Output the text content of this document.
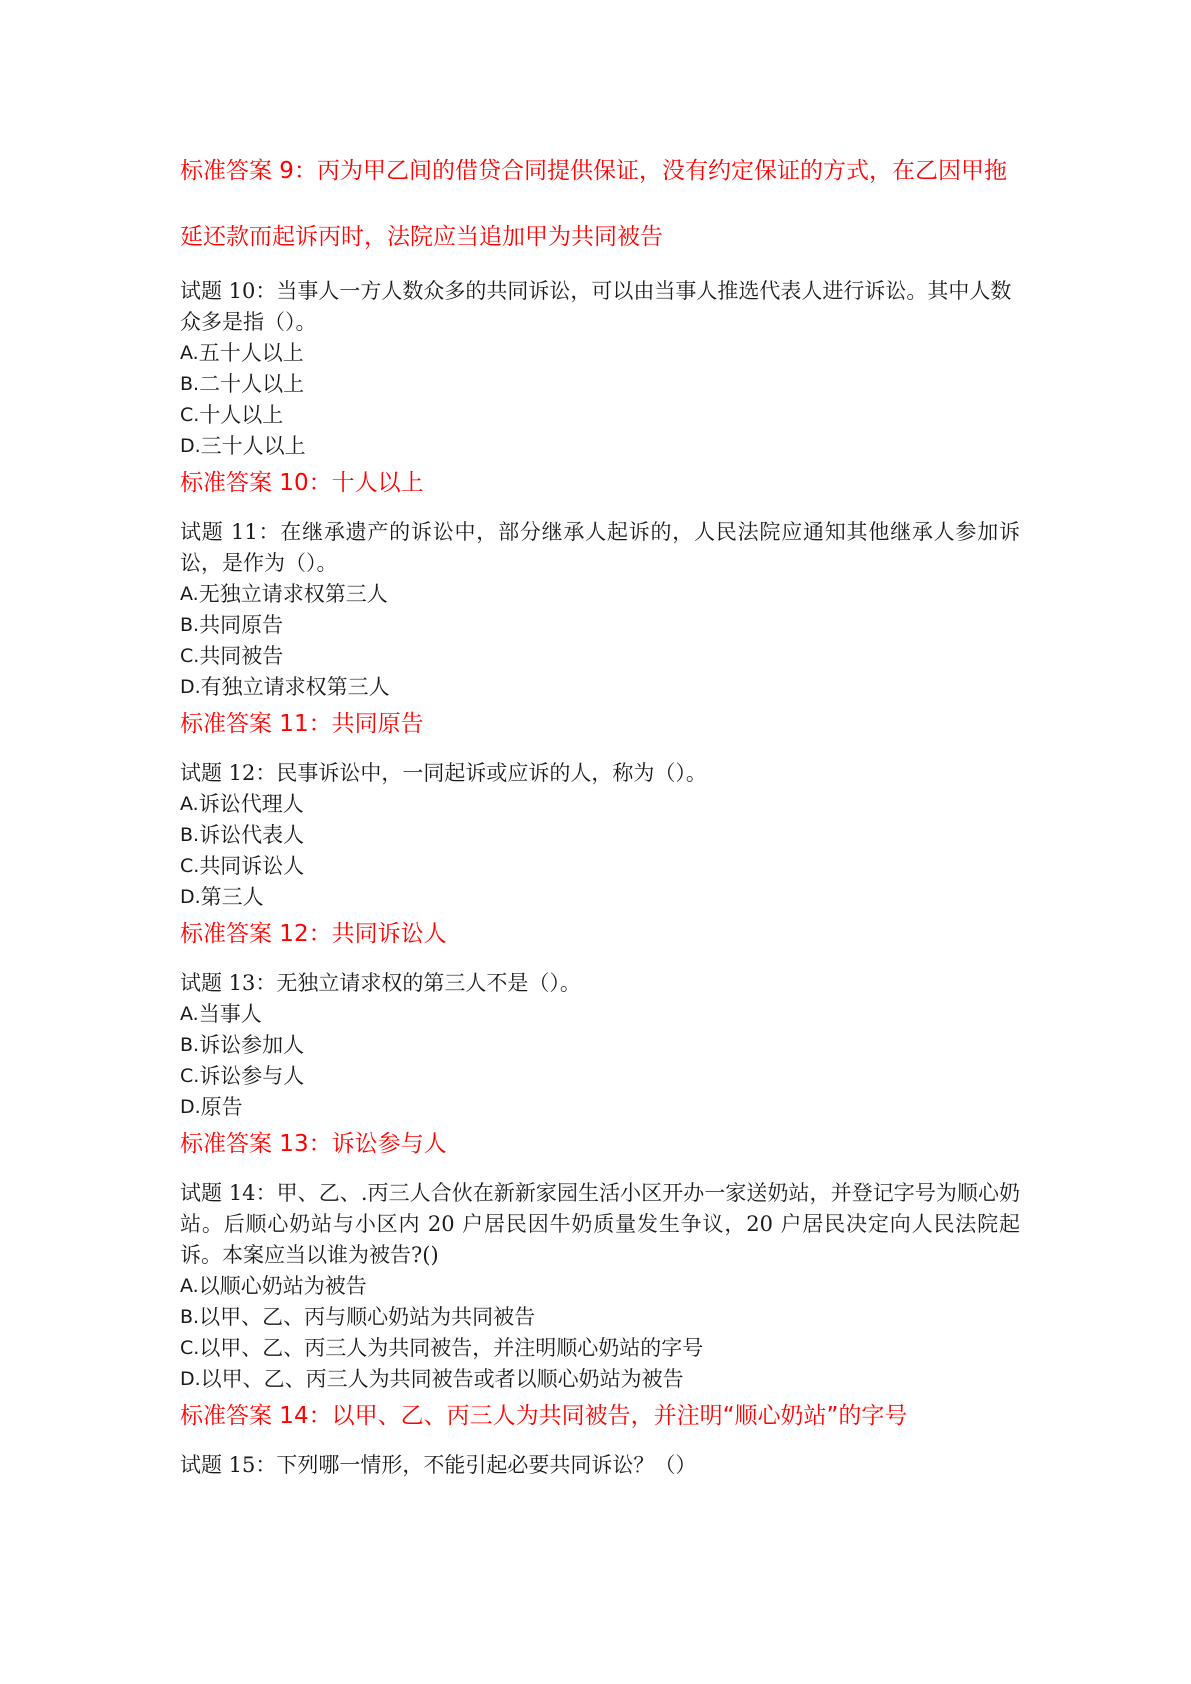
标准答案 9：丙为甲乙间的借贷合同提供保证，没有约定保证的方式，在乙因甲拖延还款而起诉丙时，法院应当追加甲为共同被告

试题 10：当事人一方人数众多的共同诉讼，可以由当事人推选代表人进行诉讼。其中人数众多是指（）。

A. 五十人以上
B. 二十人以上
C. 十人以上
D. 三十人以上

标准答案 10：十人以上

试题 11：在继承遗产的诉讼中，部分继承人起诉的，人民法院应通知其他继承人参加诉讼，是作为（）。

A. 无独立请求权第三人
B. 共同原告
C. 共同被告
D. 有独立请求权第三人

标准答案 11：共同原告

试题 12：民事诉讼中，一同起诉或应诉的人，称为（）。

A. 诉讼代理人
B. 诉讼代表人
C. 共同诉讼人
D. 第三人

标准答案 12：共同诉讼人

试题 13：无独立请求权的第三人不是（）。

A. 当事人
B. 诉讼参加人
C. 诉讼参与人
D. 原告

标准答案 13：诉讼参与人

试题 14：甲、乙、.丙三人合伙在新新家园生活小区开办一家送奶站，并登记字号为顺心奶站。后顺心奶站与小区内 20 户居民因牛奶质量发生争议，20 户居民决定向人民法院起诉。本案应当以谁为被告?()

A. 以顺心奶站为被告
B. 以甲、乙、丙与顺心奶站为共同被告
C. 以甲、乙、丙三人为共同被告，并注明顺心奶站的字号
D. 以甲、乙、丙三人为共同被告或者以顺心奶站为被告

标准答案 14：以甲、乙、丙三人为共同被告，并注明“顺心奶站”的字号

试题 15：下列哪一情形，不能引起必要共同诉讼？（）
